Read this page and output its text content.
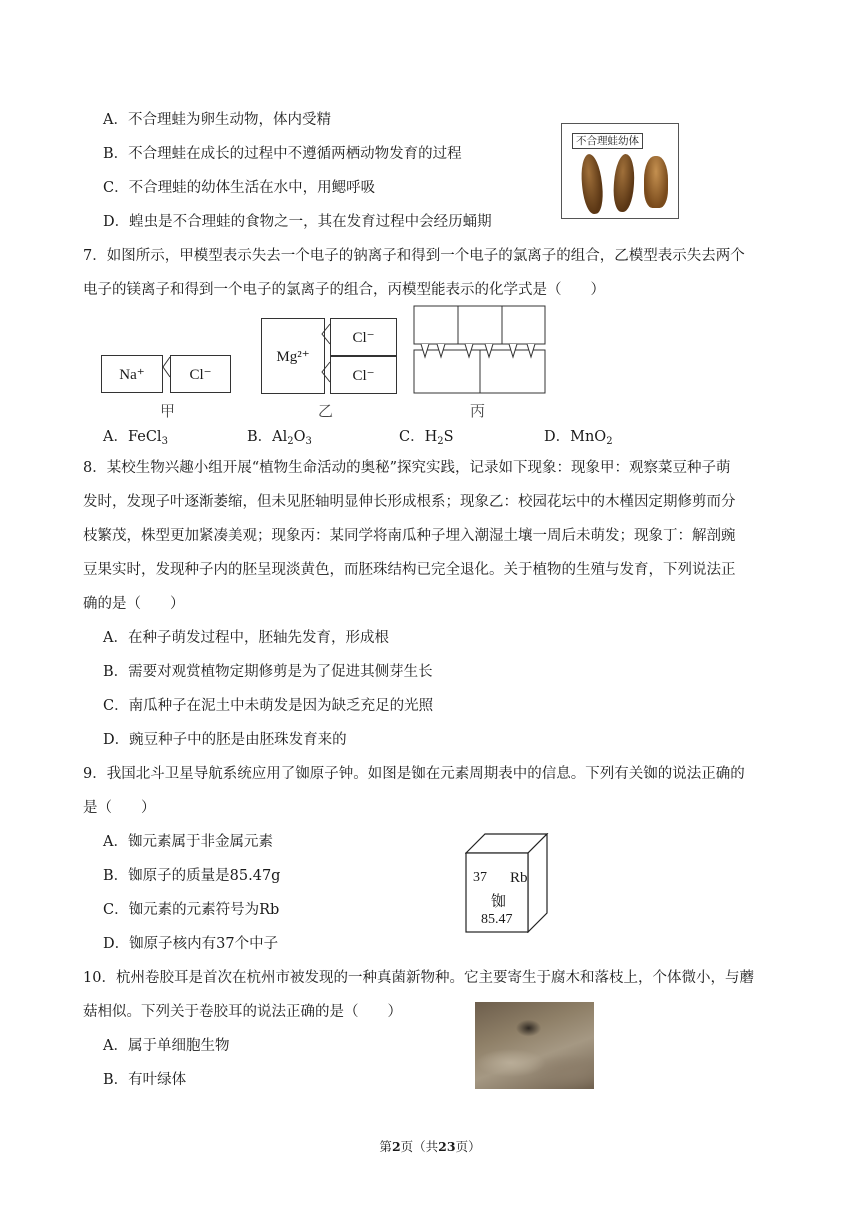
A．不合理蛙为卵生动物，体内受精
B．不合理蛙在成长的过程中不遵循两栖动物发育的过程
C．不合理蛙的幼体生活在水中，用鳃呼吸
D．蝗虫是不合理蛙的食物之一，其在发育过程中会经历蛹期
不合理蛙幼体
7．如图所示，甲模型表示失去一个电子的钠离子和得到一个电子的氯离子的组合，乙模型表示失去两个
电子的镁离子和得到一个电子的氯离子的组合，丙模型能表示的化学式是（　　）
Na⁺	Cl⁻
甲
Mg²⁺
Cl⁻
Cl⁻
乙	丙
A．FeCl$_3$	B．$Al_2O_3$	C．$H_2S$	D．MnO$_2$
8．某校生物兴趣小组开展“植物生命活动的奥秘”探究实践，记录如下现象：现象甲：观察菜豆种子萌
发时，发现子叶逐渐萎缩，但未见胚轴明显伸长形成根系；现象乙：校园花坛中的木槿因定期修剪而分
枝繁茂，株型更加紧凑美观；现象丙：某同学将南瓜种子埋入潮湿土壤一周后未萌发；现象丁：解剖豌
豆果实时，发现种子内的胚呈现淡黄色，而胚珠结构已完全退化。关于植物的生殖与发育，下列说法正
确的是（　　）
A．在种子萌发过程中，胚轴先发育，形成根
B．需要对观赏植物定期修剪是为了促进其侧芽生长
C．南瓜种子在泥土中未萌发是因为缺乏充足的光照
D．豌豆种子中的胚是由胚珠发育来的
9．我国北斗卫星导航系统应用了铷原子钟。如图是铷在元素周期表中的信息。下列有关铷的说法正确的
是（　　）
A．铷元素属于非金属元素
B．铷原子的质量是85.47g
C．铷元素的元素符号为Rb
D．铷原子核内有37个中子
37 Rb
铷
85.47
10．杭州卷胶耳是首次在杭州市被发现的一种真菌新物种。它主要寄生于腐木和落枝上，个体微小，与蘑
菇相似。下列关于卷胶耳的说法正确的是（　　）
A．属于单细胞生物
B．有叶绿体
第2页（共23页）
